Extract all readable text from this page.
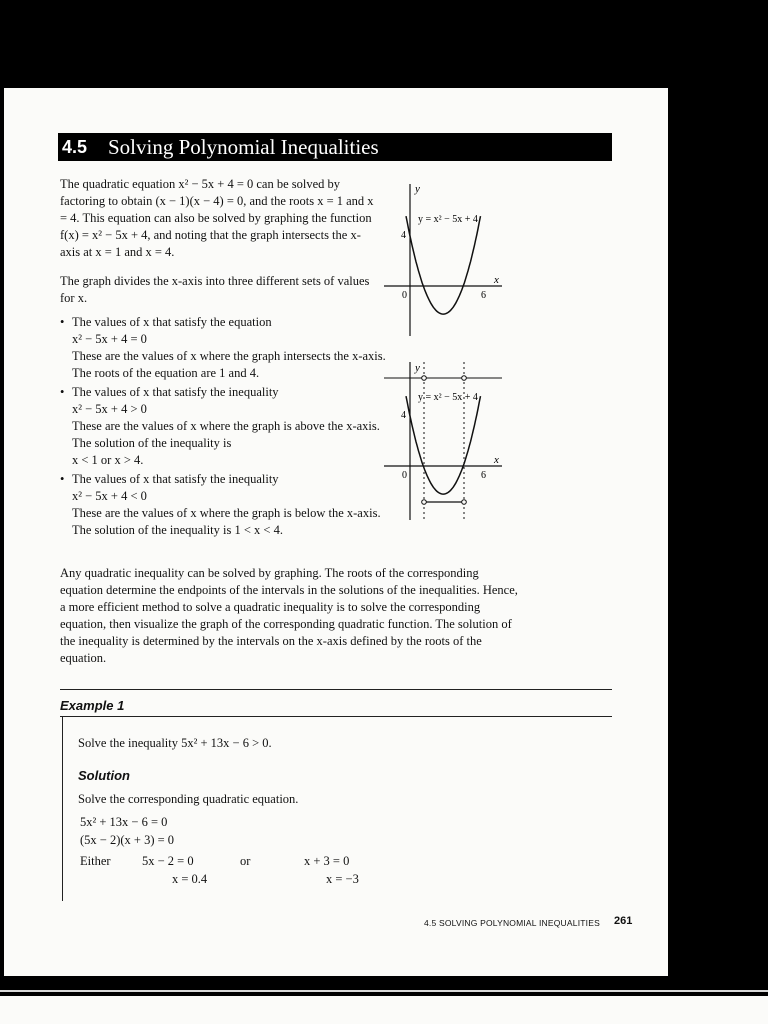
4.5 Solving Polynomial Inequalities

The quadratic equation x² − 5x + 4 = 0 can be solved by factoring to obtain (x − 1)(x − 4) = 0, and the roots x = 1 and x = 4. This equation can also be solved by graphing the function f(x) = x² − 5x + 4, and noting that the graph intersects the x-axis at x = 1 and x = 4.

The graph divides the x-axis into three different sets of values for x.

• The values of x that satisfy the equation
x² − 5x + 4 = 0
These are the values of x where the graph intersects the x-axis. The roots of the equation are 1 and 4.
• The values of x that satisfy the inequality
x² − 5x + 4 > 0
These are the values of x where the graph is above the x-axis. The solution of the inequality is
x < 1 or x > 4.
• The values of x that satisfy the inequality
x² − 5x + 4 < 0
These are the values of x where the graph is below the x-axis. The solution of the inequality is 1 < x < 4.
y
x
y = x² − 5x + 4
4
0	6
y
x
y = x² − 5x + 4
4
0	6

Any quadratic inequality can be solved by graphing. The roots of the corresponding equation determine the endpoints of the intervals in the solutions of the inequalities. Hence, a more efficient method to solve a quadratic inequality is to solve the corresponding equation, then visualize the graph of the corresponding quadratic function. The solution of the inequality is determined by the intervals on the x-axis defined by the roots of the equation.

Example 1

Solve the inequality 5x² + 13x − 6 > 0.

Solution

Solve the corresponding quadratic equation.

5x² + 13x − 6 = 0

(5x − 2)(x + 3) = 0

Either	5x − 2 = 0	or	x + 3 = 0

x = 0.4	x = −3

4.5 SOLVING POLYNOMIAL INEQUALITIES 261
